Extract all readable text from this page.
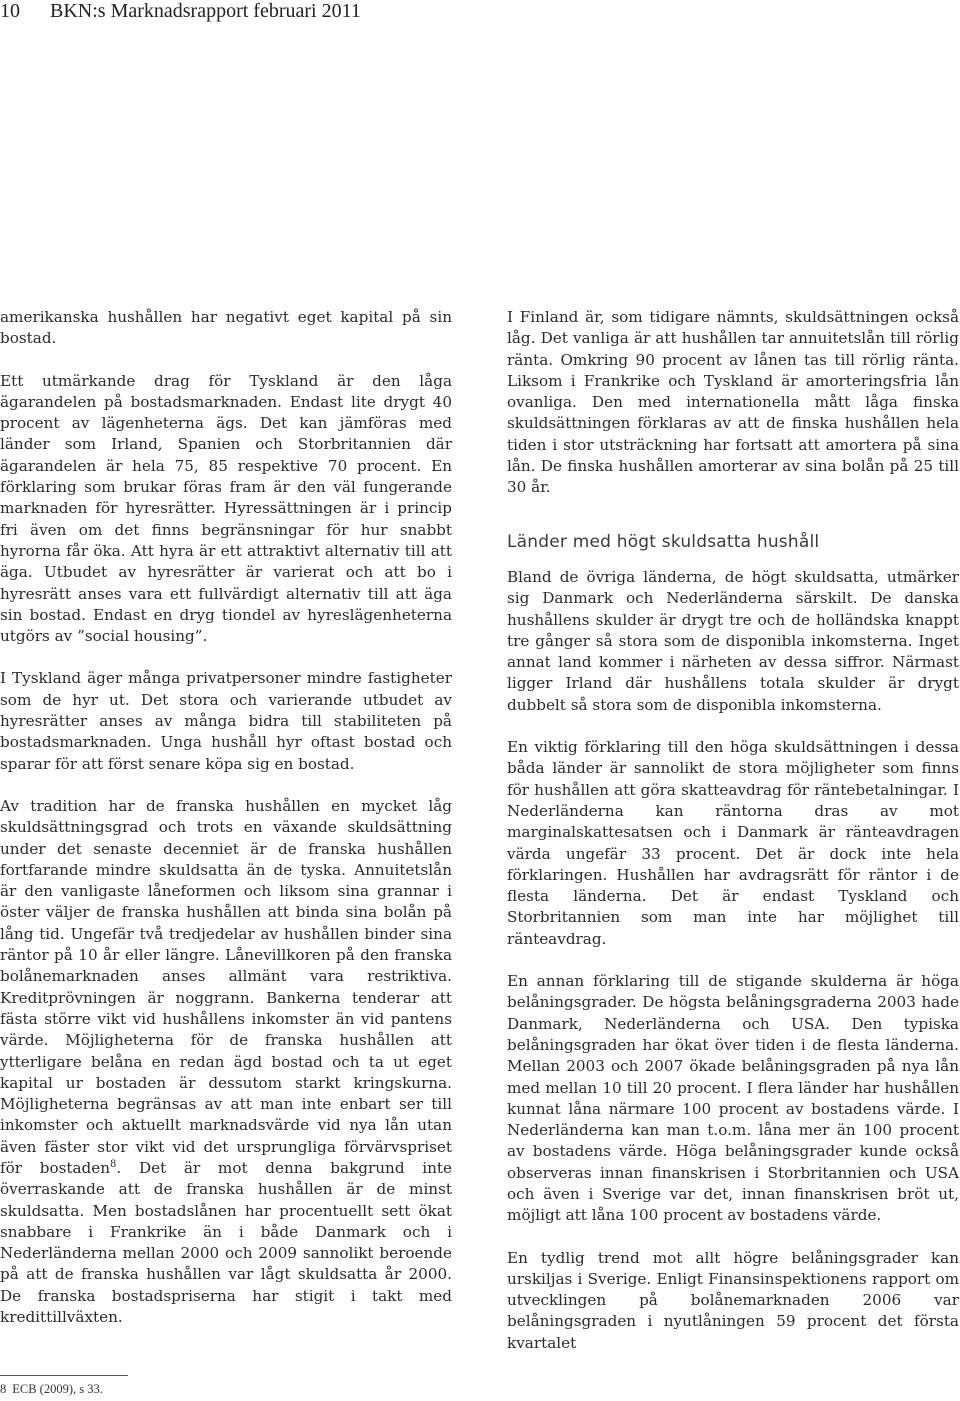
10 BKN:s Marknadsrapport februari 2011

amerikanska hushållen har negativt eget kapital på sin bostad.

Ett utmärkande drag för Tyskland är den låga ägarandelen på bostadsmarknaden. Endast lite drygt 40 procent av lägenheterna ägs. Det kan jämföras med länder som Irland, Spanien och Storbritannien där ägarandelen är hela 75, 85 respektive 70 procent. En förklaring som brukar föras fram är den väl fungerande marknaden för hyresrätter. Hyressättningen är i princip fri även om det finns begränsningar för hur snabbt hyrorna får öka. Att hyra är ett attraktivt alternativ till att äga. Utbudet av hyresrätter är varierat och att bo i hyresrätt anses vara ett fullvärdigt alternativ till att äga sin bostad. Endast en dryg tiondel av hyreslägenheterna utgörs av ”social housing”.

I Tyskland äger många privatpersoner mindre fastigheter som de hyr ut. Det stora och varierande utbudet av hyresrätter anses av många bidra till stabiliteten på bostadsmarknaden. Unga hushåll hyr oftast bostad och sparar för att först senare köpa sig en bostad.

Av tradition har de franska hushållen en mycket låg skuldsättningsgrad och trots en växande skuldsättning under det senaste decenniet är de franska hushållen fortfarande mindre skuldsatta än de tyska. Annuitetslån är den vanligaste låneformen och liksom sina grannar i öster väljer de franska hushållen att binda sina bolån på lång tid. Ungefär två tredjedelar av hushållen binder sina räntor på 10 år eller längre. Lånevillkoren på den franska bolånemarknaden anses allmänt vara restriktiva. Kreditprövningen är noggrann. Bankerna tenderar att fästa större vikt vid hushållens inkomster än vid pantens värde. Möjligheterna för de franska hushållen att ytterligare belåna en redan ägd bostad och ta ut eget kapital ur bostaden är dessutom starkt kringskurna. Möjligheterna begränsas av att man inte enbart ser till inkomster och aktuellt marknadsvärde vid nya lån utan även fäster stor vikt vid det ursprungliga förvärvspriset för bostaden$^8$. Det är mot denna bakgrund inte överraskande att de franska hushållen är de minst skuldsatta. Men bostadslånen har procentuellt sett ökat snabbare i Frankrike än i både Danmark och i Nederländerna mellan 2000 och 2009 sannolikt beroende på att de franska hushållen var lågt skuldsatta år 2000. De franska bostadspriserna har stigit i takt med kredittillväxten.

I Finland är, som tidigare nämnts, skuldsättningen också låg. Det vanliga är att hushållen tar annuitetslån till rörlig ränta. Omkring 90 procent av lånen tas till rörlig ränta. Liksom i Frankrike och Tyskland är amorteringsfria lån ovanliga. Den med internationella mått låga finska skuldsättningen förklaras av att de finska hushållen hela tiden i stor utsträckning har fortsatt att amortera på sina lån. De finska hushållen amorterar av sina bolån på 25 till 30 år.

Länder med högt skuldsatta hushåll

Bland de övriga länderna, de högt skuldsatta, utmärker sig Danmark och Nederländerna särskilt. De danska hushållens skulder är drygt tre och de holländska knappt tre gånger så stora som de disponibla inkomsterna. Inget annat land kommer i närheten av dessa siffror. Närmast ligger Irland där hushållens totala skulder är drygt dubbelt så stora som de disponibla inkomsterna.

En viktig förklaring till den höga skuldsättningen i dessa båda länder är sannolikt de stora möjligheter som finns för hushållen att göra skatteavdrag för räntebetalningar. I Nederländerna kan räntorna dras av mot marginalskattesatsen och i Danmark är ränteavdragen värda ungefär 33 procent. Det är dock inte hela förklaringen. Hushållen har avdragsrätt för räntor i de flesta länderna. Det är endast Tyskland och Storbritannien som man inte har möjlighet till ränteavdrag.

En annan förklaring till de stigande skulderna är höga belåningsgrader. De högsta belåningsgraderna 2003 hade Danmark, Nederländerna och USA. Den typiska belåningsgraden har ökat över tiden i de flesta länderna. Mellan 2003 och 2007 ökade belåningsgraden på nya lån med mellan 10 till 20 procent. I flera länder har hushållen kunnat låna närmare 100 procent av bostadens värde. I Nederländerna kan man t.o.m. låna mer än 100 procent av bostadens värde. Höga belåningsgrader kunde också observeras innan finanskrisen i Storbritannien och USA och även i Sverige var det, innan finanskrisen bröt ut, möjligt att låna 100 procent av bostadens värde.

En tydlig trend mot allt högre belåningsgrader kan urskiljas i Sverige. Enligt Finansinspektionens rapport om utvecklingen på bolånemarknaden 2006 var belåningsgraden i nyutlåningen 59 procent det första kvartalet

8 ECB (2009), s 33.
